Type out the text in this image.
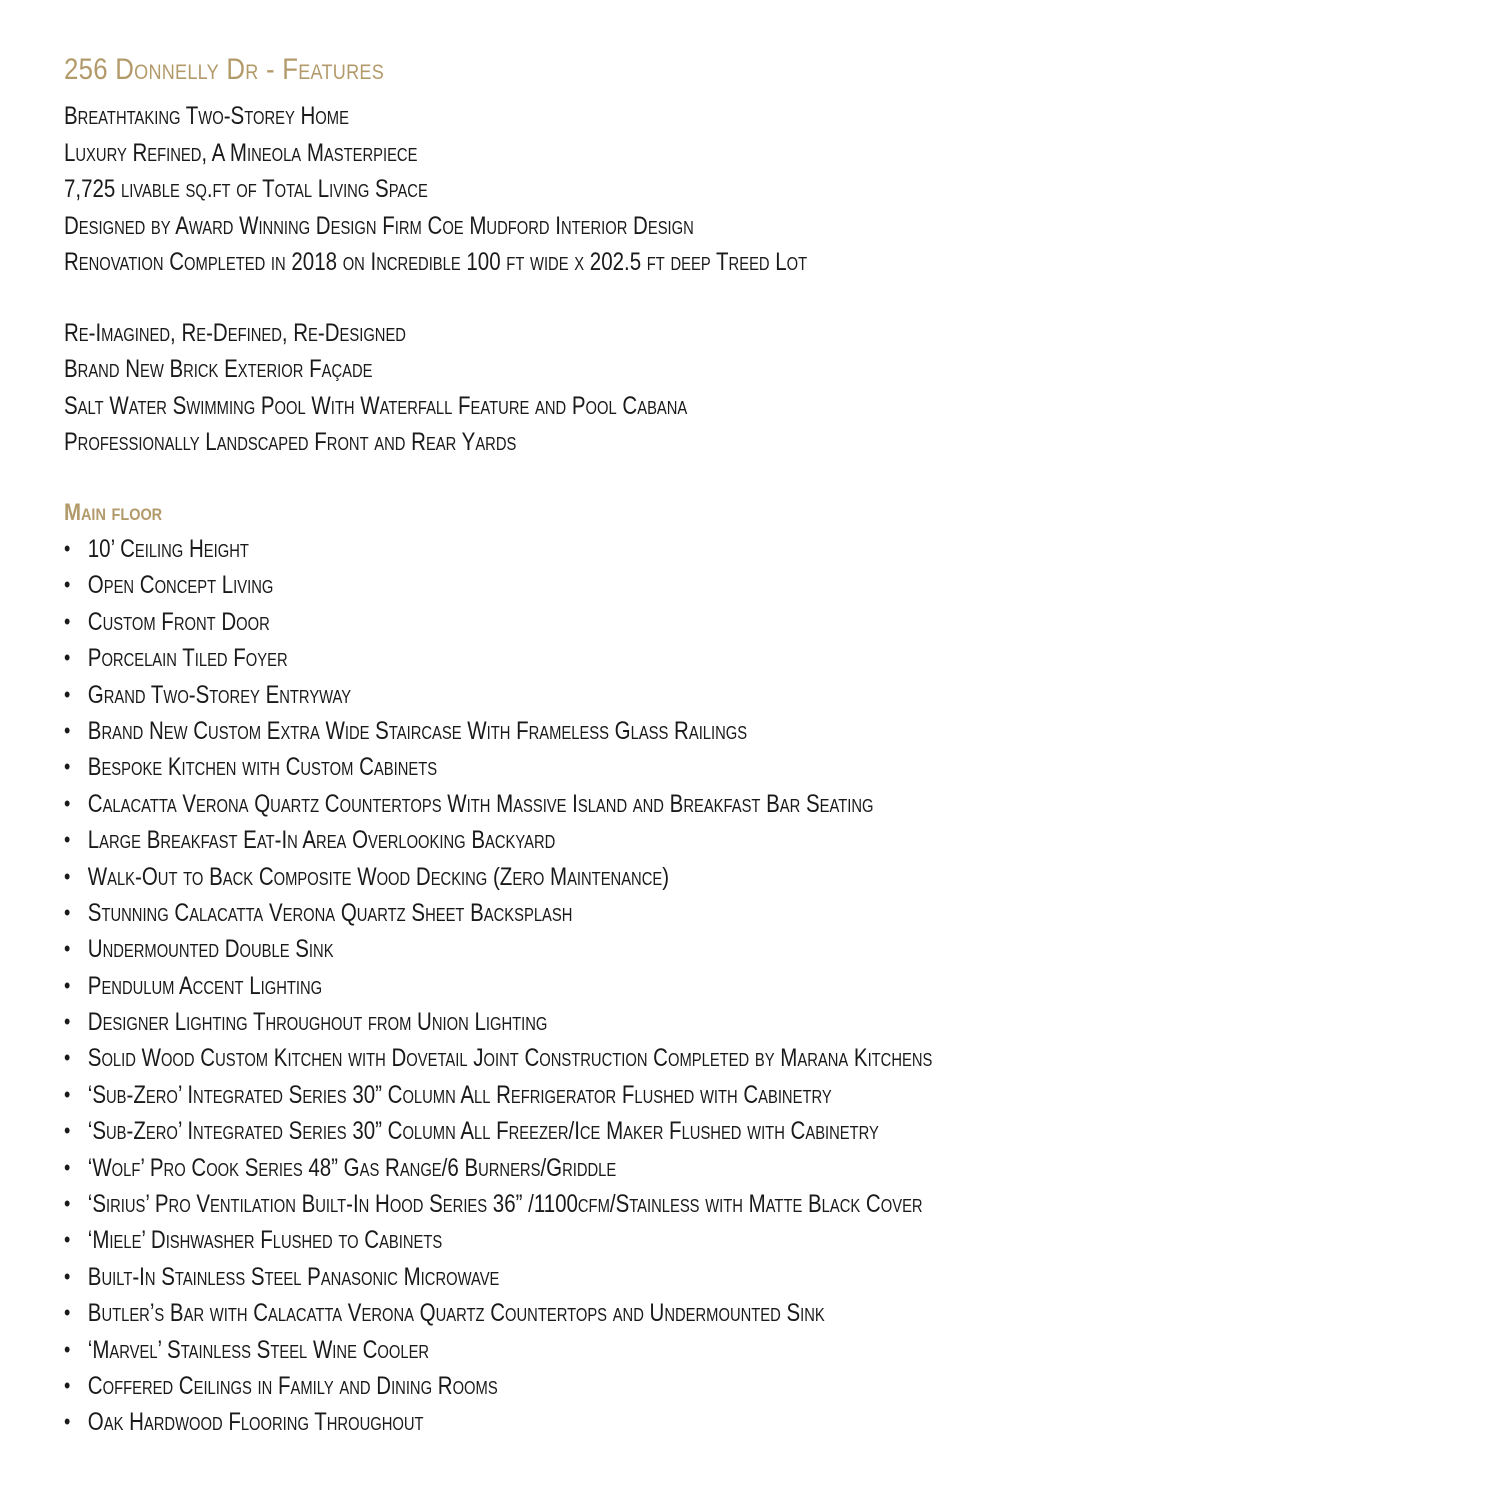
256 Donnelly Dr - Features

Breathtaking Two-Storey Home

Luxury Refined, A Mineola Masterpiece

7,725 livable sq.ft of Total Living Space

Designed by Award Winning Design Firm Coe Mudford Interior Design

Renovation Completed in 2018 on Incredible 100 ft wide x 202.5 ft deep Treed Lot

Re-Imagined, Re-Defined, Re-Designed

Brand New Brick Exterior Façade

Salt Water Swimming Pool With Waterfall Feature and Pool Cabana

Professionally Landscaped Front and Rear Yards

Main floor
• 10’ Ceiling Height
• Open Concept Living
• Custom Front Door
• Porcelain Tiled Foyer
• Grand Two-Storey Entryway
• Brand New Custom Extra Wide Staircase With Frameless Glass Railings
• Bespoke Kitchen with Custom Cabinets
• Calacatta Verona Quartz Countertops With Massive Island and Breakfast Bar Seating
• Large Breakfast Eat-In Area Overlooking Backyard
• Walk-Out to Back Composite Wood Decking (Zero Maintenance)
• Stunning Calacatta Verona Quartz Sheet Backsplash
• Undermounted Double Sink
• Pendulum Accent Lighting
• Designer Lighting Throughout from Union Lighting
• Solid Wood Custom Kitchen with Dovetail Joint Construction Completed by Marana Kitchens
• ‘Sub-Zero’ Integrated Series 30” Column All Refrigerator Flushed with Cabinetry
• ‘Sub-Zero’ Integrated Series 30” Column All Freezer/Ice Maker Flushed with Cabinetry
• ‘Wolf’ Pro Cook Series 48” Gas Range/6 Burners/Griddle
• ‘Sirius’ Pro Ventilation Built-In Hood Series 36” /1100cfm/Stainless with Matte Black Cover
• ‘Miele’ Dishwasher Flushed to Cabinets
• Built-In Stainless Steel Panasonic Microwave
• Butler’s Bar with Calacatta Verona Quartz Countertops and Undermounted Sink
• ‘Marvel’ Stainless Steel Wine Cooler
• Coffered Ceilings in Family and Dining Rooms
• Oak Hardwood Flooring Throughout
